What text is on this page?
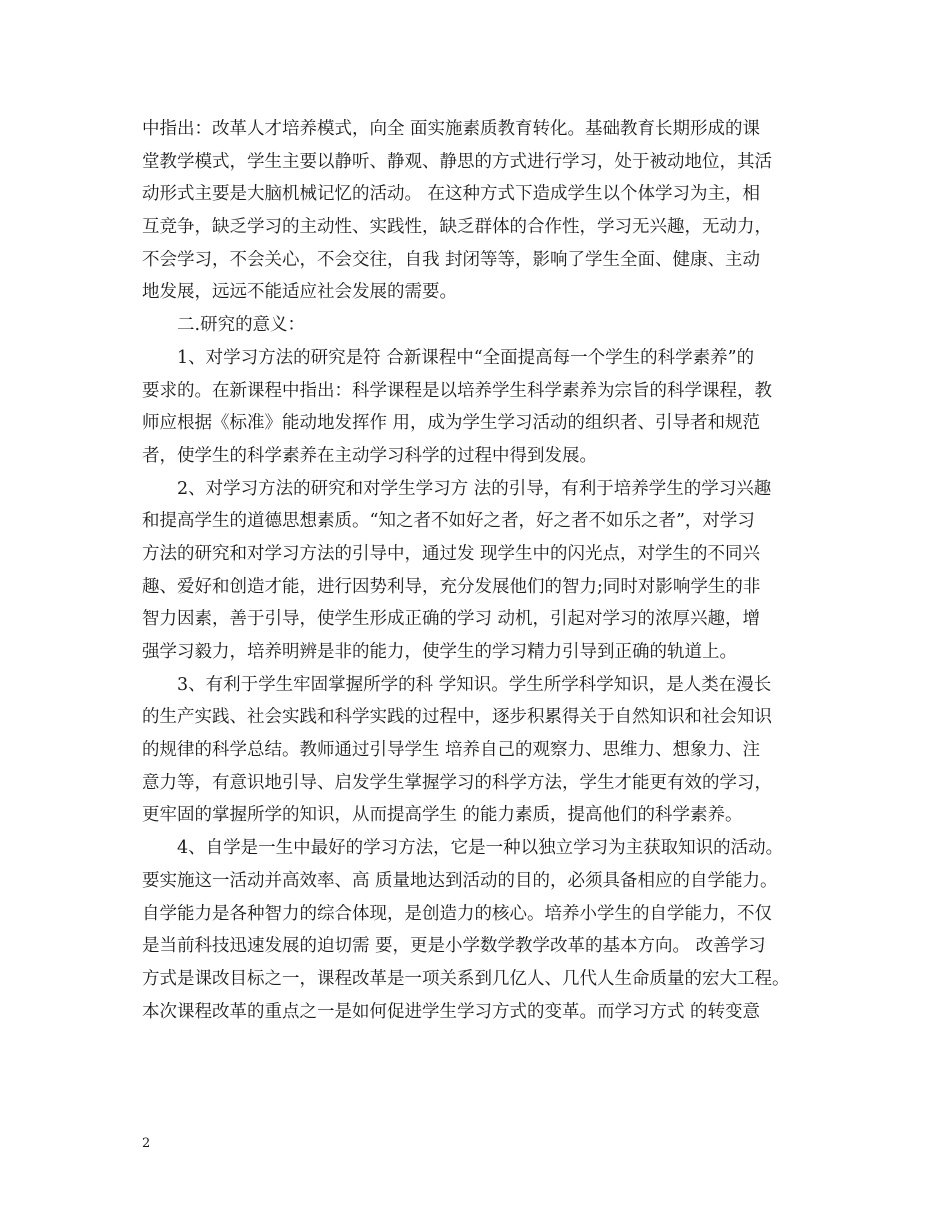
中指出：改革人才培养模式，向全 面实施素质教育转化。基础教育长期形成的课
堂教学模式，学生主要以静听、静观、静思的方式进行学习，处于被动地位，其活
动形式主要是大脑机械记忆的活动。 在这种方式下造成学生以个体学习为主，相
互竞争，缺乏学习的主动性、实践性，缺乏群体的合作性，学习无兴趣，无动力，
不会学习，不会关心，不会交往，自我 封闭等等，影响了学生全面、健康、主动
地发展，远远不能适应社会发展的需要。
二.研究的意义：
1、对学习方法的研究是符 合新课程中“全面提高每一个学生的科学素养”的
要求的。在新课程中指出：科学课程是以培养学生科学素养为宗旨的科学课程，教
师应根据《标准》能动地发挥作 用，成为学生学习活动的组织者、引导者和规范
者，使学生的科学素养在主动学习科学的过程中得到发展。
2、对学习方法的研究和对学生学习方 法的引导，有利于培养学生的学习兴趣
和提高学生的道德思想素质。“知之者不如好之者，好之者不如乐之者”，对学习
方法的研究和对学习方法的引导中，通过发 现学生中的闪光点，对学生的不同兴
趣、爱好和创造才能，进行因势利导，充分发展他们的智力;同时对影响学生的非
智力因素，善于引导，使学生形成正确的学习 动机，引起对学习的浓厚兴趣，增
强学习毅力，培养明辨是非的能力，使学生的学习精力引导到正确的轨道上。
3、有利于学生牢固掌握所学的科 学知识。学生所学科学知识，是人类在漫长
的生产实践、社会实践和科学实践的过程中，逐步积累得关于自然知识和社会知识
的规律的科学总结。教师通过引导学生 培养自己的观察力、思维力、想象力、注
意力等，有意识地引导、启发学生掌握学习的科学方法，学生才能更有效的学习，
更牢固的掌握所学的知识，从而提高学生 的能力素质，提高他们的科学素养。
4、自学是一生中最好的学习方法，它是一种以独立学习为主获取知识的活动。
要实施这一活动并高效率、高 质量地达到活动的目的，必须具备相应的自学能力。
自学能力是各种智力的综合体现，是创造力的核心。培养小学生的自学能力，不仅
是当前科技迅速发展的迫切需 要，更是小学数学教学改革的基本方向。 改善学习
方式是课改目标之一，课程改革是一项关系到几亿人、几代人生命质量的宏大工程。
本次课程改革的重点之一是如何促进学生学习方式的变革。而学习方式 的转变意
2
